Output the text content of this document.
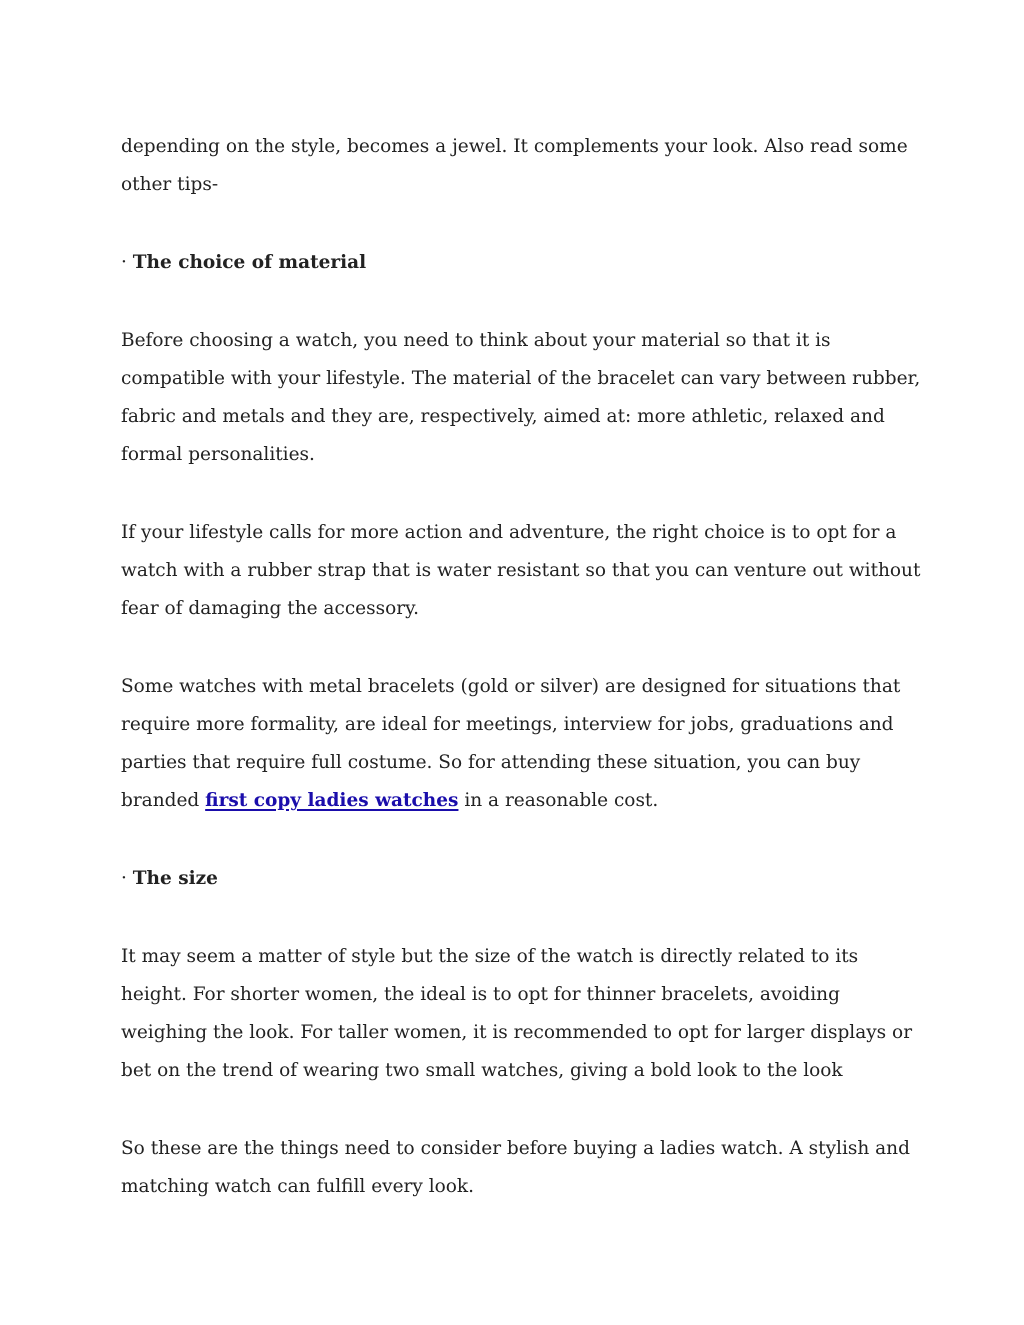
depending on the style, becomes a jewel. It complements your look. Also read some other tips-

· The choice of material

Before choosing a watch, you need to think about your material so that it is compatible with your lifestyle. The material of the bracelet can vary between rubber, fabric and metals and they are, respectively, aimed at: more athletic, relaxed and formal personalities.

If your lifestyle calls for more action and adventure, the right choice is to opt for a watch with a rubber strap that is water resistant so that you can venture out without fear of damaging the accessory.

Some watches with metal bracelets (gold or silver) are designed for situations that require more formality, are ideal for meetings, interview for jobs, graduations and parties that require full costume. So for attending these situation, you can buy branded first copy ladies watches in a reasonable cost.

· The size

It may seem a matter of style but the size of the watch is directly related to its height. For shorter women, the ideal is to opt for thinner bracelets, avoiding weighing the look. For taller women, it is recommended to opt for larger displays or bet on the trend of wearing two small watches, giving a bold look to the look

So these are the things need to consider before buying a ladies watch. A stylish and matching watch can fulfill every look.
